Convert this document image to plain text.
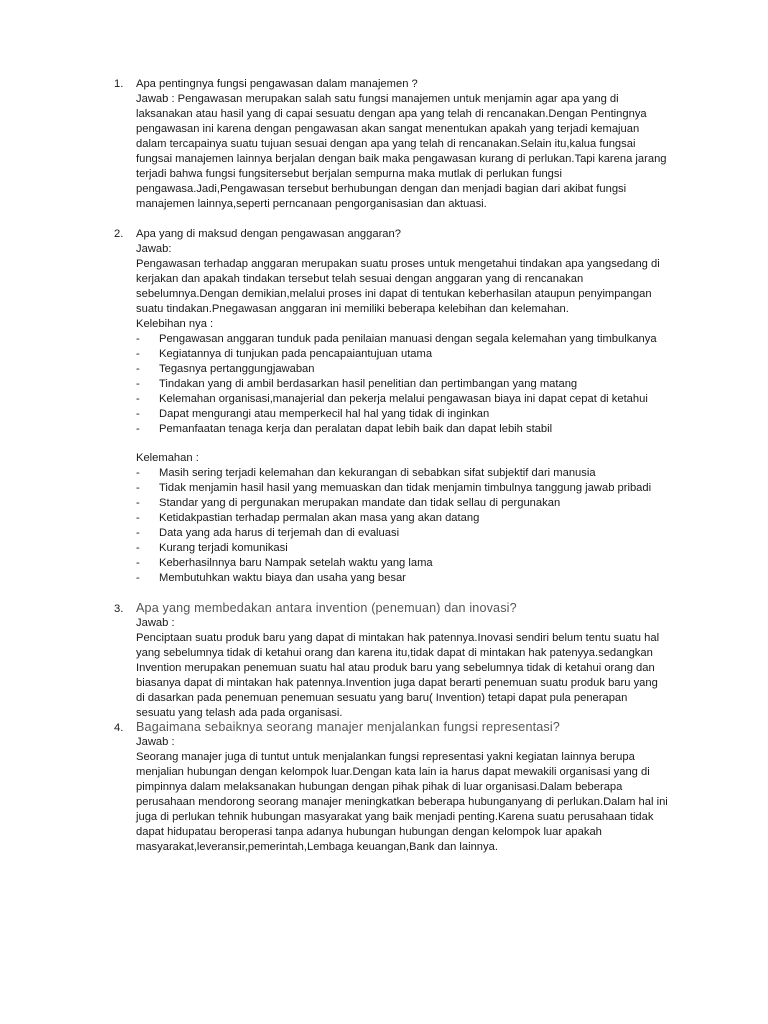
1. Apa pentingnya fungsi pengawasan dalam manajemen ?
Jawab : Pengawasan merupakan salah satu fungsi manajemen untuk menjamin agar apa yang di
laksanakan atau hasil yang di capai sesuatu dengan apa yang telah di rencanakan.Dengan Pentingnya
pengawasan ini karena dengan pengawasan akan sangat menentukan apakah yang terjadi kemajuan
dalam tercapainya suatu tujuan sesuai dengan apa yang telah di rencanakan.Selain itu,kalua fungsai
fungsai manajemen lainnya berjalan dengan baik maka pengawasan kurang di perlukan.Tapi karena jarang
terjadi bahwa fungsi fungsitersebut berjalan sempurna maka mutlak di perlukan fungsi
pengawasa.Jadi,Pengawasan tersebut berhubungan dengan dan menjadi bagian dari akibat fungsi
manajemen lainnya,seperti perncanaan pengorganisasian dan aktuasi.
2. Apa yang di maksud dengan pengawasan anggaran?
Jawab:
Pengawasan terhadap anggaran merupakan suatu proses untuk mengetahui tindakan apa yangsedang di
kerjakan dan apakah tindakan tersebut telah sesuai dengan anggaran yang di rencanakan
sebelumnya.Dengan demikian,melalui proses ini dapat di tentukan keberhasilan ataupun penyimpangan
suatu tindakan.Pnegawasan anggaran ini memiliki beberapa kelebihan dan kelemahan.
Kelebihan nya :
- Pengawasan anggaran tunduk pada penilaian manuasi dengan segala kelemahan yang timbulkanya
- Kegiatannya di tunjukan pada pencapaiantujuan utama
- Tegasnya pertanggungjawaban
- Tindakan yang di ambil berdasarkan hasil penelitian dan pertimbangan yang matang
- Kelemahan organisasi,manajerial dan pekerja melalui pengawasan biaya ini dapat cepat di ketahui
- Dapat mengurangi atau memperkecil hal hal yang tidak di inginkan
- Pemanfaatan tenaga kerja dan peralatan dapat lebih baik dan dapat lebih stabil
Kelemahan :
- Masih sering terjadi kelemahan dan kekurangan di sebabkan sifat subjektif dari manusia
- Tidak menjamin hasil hasil yang memuaskan dan tidak menjamin timbulnya tanggung jawab pribadi
- Standar yang di pergunakan merupakan mandate dan tidak sellau di pergunakan
- Ketidakpastian terhadap permalan akan masa yang akan datang
- Data yang ada harus di terjemah dan di evaluasi
- Kurang terjadi komunikasi
- Keberhasilnnya baru Nampak setelah waktu yang lama
- Membutuhkan waktu biaya dan usaha yang besar
3. Apa yang membedakan antara invention (penemuan) dan inovasi?
Jawab :
Penciptaan suatu produk baru yang dapat di mintakan hak patennya.Inovasi sendiri belum tentu suatu hal
yang sebelumnya tidak di ketahui orang dan karena itu,tidak dapat di mintakan hak patenyya.sedangkan
Invention merupakan penemuan suatu hal atau produk baru yang sebelumnya tidak di ketahui orang dan
biasanya dapat di mintakan hak patennya.Invention juga dapat berarti penemuan suatu produk baru yang
di dasarkan pada penemuan penemuan sesuatu yang baru( Invention) tetapi dapat pula penerapan
sesuatu yang telash ada pada organisasi.
4. Bagaimana sebaiknya seorang manajer menjalankan fungsi representasi?
Jawab :
Seorang manajer juga di tuntut untuk menjalankan fungsi representasi yakni kegiatan lainnya berupa
menjalian hubungan dengan kelompok luar.Dengan kata lain ia harus dapat mewakili organisasi yang di
pimpinnya dalam melaksanakan hubungan dengan pihak pihak di luar organisasi.Dalam beberapa
perusahaan mendorong seorang manajer meningkatkan beberapa hubunganyang di perlukan.Dalam hal ini
juga di perlukan tehnik hubungan masyarakat yang baik menjadi penting.Karena suatu perusahaan tidak
dapat hidupatau beroperasi tanpa adanya hubungan hubungan dengan kelompok luar apakah
masyarakat,leveransir,pemerintah,Lembaga keuangan,Bank dan lainnya.
